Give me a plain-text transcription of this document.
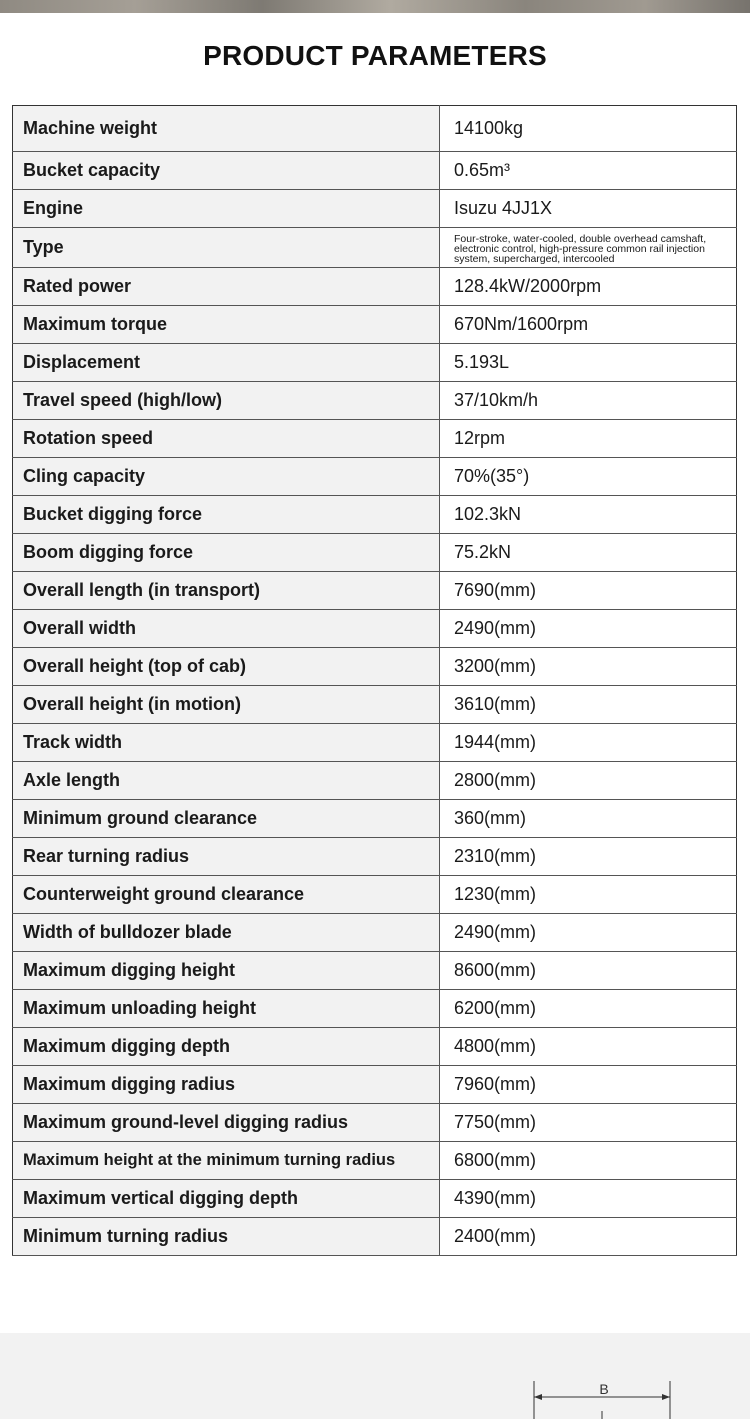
PRODUCT PARAMETERS
Machine weight	14100kg
Bucket capacity	0.65m³
Engine	Isuzu 4JJ1X
Type	Four-stroke, water-cooled, double overhead camshaft, electronic control, high-pressure common rail injection system, supercharged, intercooled
Rated power	128.4kW/2000rpm
Maximum torque	670Nm/1600rpm
Displacement	5.193L
Travel speed (high/low)	37/10km/h
Rotation speed	12rpm
Cling capacity	70%(35°)
Bucket digging force	102.3kN
Boom digging force	75.2kN
Overall length (in transport)	7690(mm)
Overall width	2490(mm)
Overall height (top of cab)	3200(mm)
Overall height (in motion)	3610(mm)
Track width	1944(mm)
Axle length	2800(mm)
Minimum ground clearance	360(mm)
Rear turning radius	2310(mm)
Counterweight ground clearance	1230(mm)
Width of bulldozer blade	2490(mm)
Maximum digging height	8600(mm)
Maximum unloading height	6200(mm)
Maximum digging depth	4800(mm)
Maximum digging radius	7960(mm)
Maximum ground-level digging radius	7750(mm)
Maximum height at the minimum turning radius	6800(mm)
Maximum vertical digging depth	4390(mm)
Minimum turning radius	2400(mm)
B
